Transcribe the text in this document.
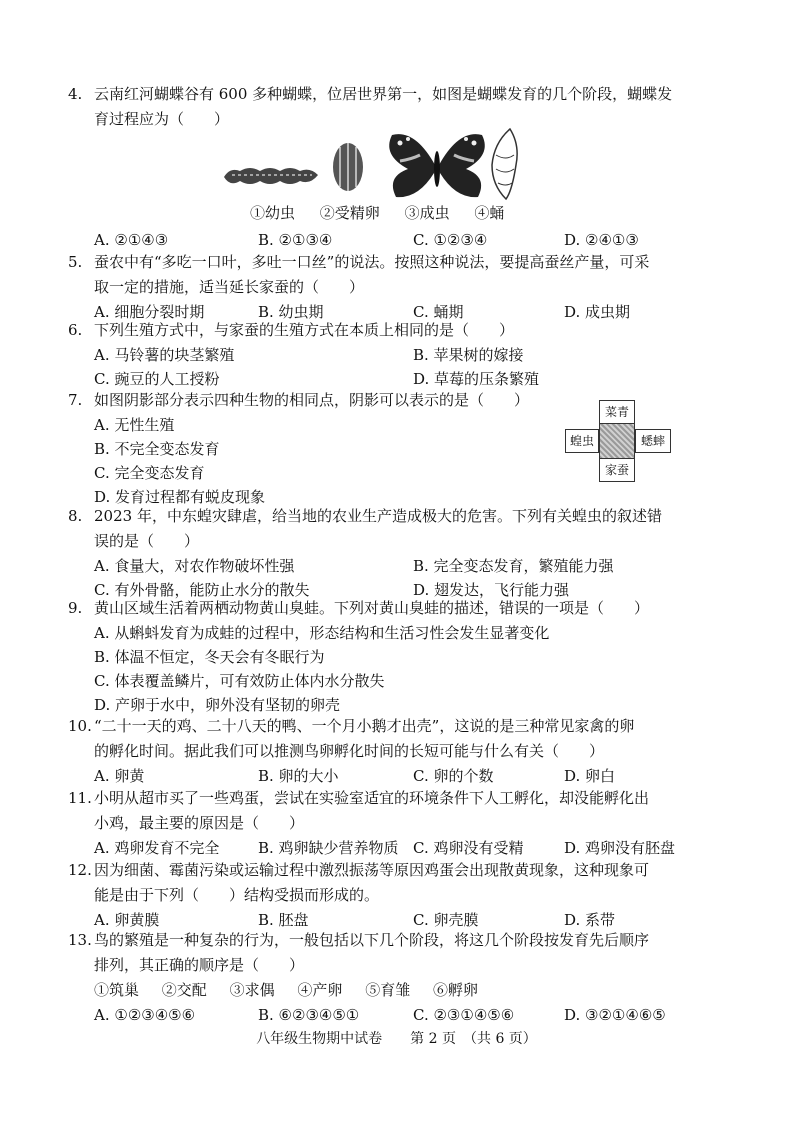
4. 云南红河蝴蝶谷有 600 多种蝴蝶，位居世界第一，如图是蝴蝶发育的几个阶段，蝴蝶发
育过程应为（　　）
①幼虫 ②受精卵 ③成虫 ④蛹
A. ②①④③	B. ②①③④	C. ①②③④	D. ②④①③
5. 蚕农中有“多吃一口叶，多吐一口丝”的说法。按照这种说法，要提高蚕丝产量，可采
取一定的措施，适当延长家蚕的（　　）
A. 细胞分裂时期	B. 幼虫期	C. 蛹期	D. 成虫期
6. 下列生殖方式中，与家蚕的生殖方式在本质上相同的是（　　）
A. 马铃薯的块茎繁殖	B. 苹果树的嫁接
C. 豌豆的人工授粉	D. 草莓的压条繁殖
7. 如图阴影部分表示四种生物的相同点，阴影可以表示的是（　　）
A. 无性生殖
B. 不完全变态发育
C. 完全变态发育
D. 发育过程都有蜕皮现象
菜青
蝗虫	蟋蟀
家蚕
8. 2023 年，中东蝗灾肆虐，给当地的农业生产造成极大的危害。下列有关蝗虫的叙述错
误的是（　　）
A. 食量大，对农作物破坏性强	B. 完全变态发育，繁殖能力强
C. 有外骨骼，能防止水分的散失	D. 翅发达，飞行能力强
9. 黄山区域生活着两栖动物黄山臭蛙。下列对黄山臭蛙的描述，错误的一项是（　　）
A. 从蝌蚪发育为成蛙的过程中，形态结构和生活习性会发生显著变化
B. 体温不恒定，冬天会有冬眠行为
C. 体表覆盖鳞片，可有效防止体内水分散失
D. 产卵于水中，卵外没有坚韧的卵壳
10. “二十一天的鸡、二十八天的鸭、一个月小鹅才出壳”，这说的是三种常见家禽的卵
的孵化时间。据此我们可以推测鸟卵孵化时间的长短可能与什么有关（　　）
A. 卵黄	B. 卵的大小	C. 卵的个数	D. 卵白
11. 小明从超市买了一些鸡蛋，尝试在实验室适宜的环境条件下人工孵化，却没能孵化出
小鸡，最主要的原因是（　　）
A. 鸡卵发育不完全	B. 鸡卵缺少营养物质 C. 鸡卵没有受精	D. 鸡卵没有胚盘
12. 因为细菌、霉菌污染或运输过程中激烈振荡等原因鸡蛋会出现散黄现象，这种现象可
能是由于下列（　　）结构受损而形成的。
A. 卵黄膜	B. 胚盘	C. 卵壳膜	D. 系带
13. 鸟的繁殖是一种复杂的行为，一般包括以下几个阶段，将这几个阶段按发育先后顺序
排列，其正确的顺序是（　　）
①筑巢 ②交配 ③求偶 ④产卵 ⑤育雏 ⑥孵卵
A. ①②③④⑤⑥	B. ⑥②③④⑤①	C. ②③①④⑤⑥	D. ③②①④⑥⑤
八年级生物期中试卷　　第 2 页　（共 6 页）
